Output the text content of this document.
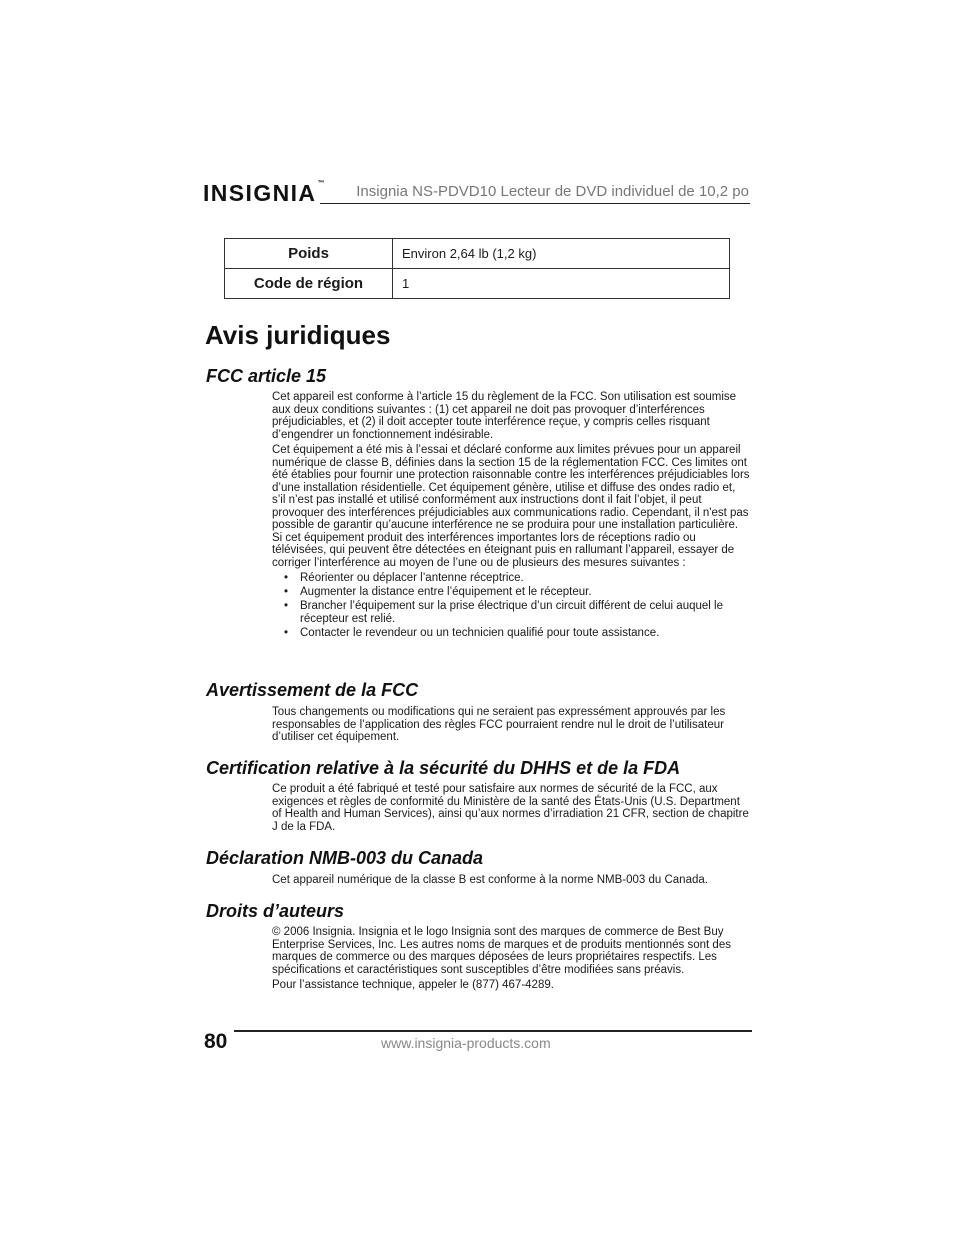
INSIGNIA™ Insignia NS-PDVD10 Lecteur de DVD individuel de 10,2 po
Poids	Environ 2,64 lb (1,2 kg)
Code de région	1
Avis juridiques
FCC article 15

Cet appareil est conforme à l’article 15 du règlement de la FCC. Son utilisation est soumise aux deux conditions suivantes : (1) cet appareil ne doit pas provoquer d’interférences préjudiciables, et (2) il doit accepter toute interférence reçue, y compris celles risquant d’engendrer un fonctionnement indésirable.

Cet équipement a été mis à l’essai et déclaré conforme aux limites prévues pour un appareil numérique de classe B, définies dans la section 15 de la réglementation FCC. Ces limites ont été établies pour fournir une protection raisonnable contre les interférences préjudiciables lors d’une installation résidentielle. Cet équipement génère, utilise et diffuse des ondes radio et, s’il n’est pas installé et utilisé conformément aux instructions dont il fait l’objet, il peut provoquer des interférences préjudiciables aux communications radio. Cependant, il n'est pas possible de garantir qu’aucune interférence ne se produira pour une installation particulière. Si cet équipement produit des interférences importantes lors de réceptions radio ou télévisées, qui peuvent être détectées en éteignant puis en rallumant l’appareil, essayer de corriger l’interférence au moyen de l’une ou de plusieurs des mesures suivantes :

• Réorienter ou déplacer l’antenne réceptrice.
• Augmenter la distance entre l’équipement et le récepteur.
• Brancher l’équipement sur la prise électrique d’un circuit différent de celui auquel le récepteur est relié.
• Contacter le revendeur ou un technicien qualifié pour toute assistance.
Avertissement de la FCC

Tous changements ou modifications qui ne seraient pas expressément approuvés par les responsables de l’application des règles FCC pourraient rendre nul le droit de l’utilisateur d’utiliser cet équipement.

Certification relative à la sécurité du DHHS et de la FDA

Ce produit a été fabriqué et testé pour satisfaire aux normes de sécurité de la FCC, aux exigences et règles de conformité du Ministère de la santé des États-Unis (U.S. Department of Health and Human Services), ainsi qu’aux normes d’irradiation 21 CFR, section de chapitre J de la FDA.

Déclaration NMB-003 du Canada

Cet appareil numérique de la classe B est conforme à la norme NMB-003 du Canada.

Droits d’auteurs

© 2006 Insignia. Insignia et le logo Insignia sont des marques de commerce de Best Buy Enterprise Services, Inc. Les autres noms de marques et de produits mentionnés sont des marques de commerce ou des marques déposées de leurs propriétaires respectifs. Les spécifications et caractéristiques sont susceptibles d’être modifiées sans préavis.

Pour l’assistance technique, appeler le (877) 467-4289.

80	www.insignia-products.com
